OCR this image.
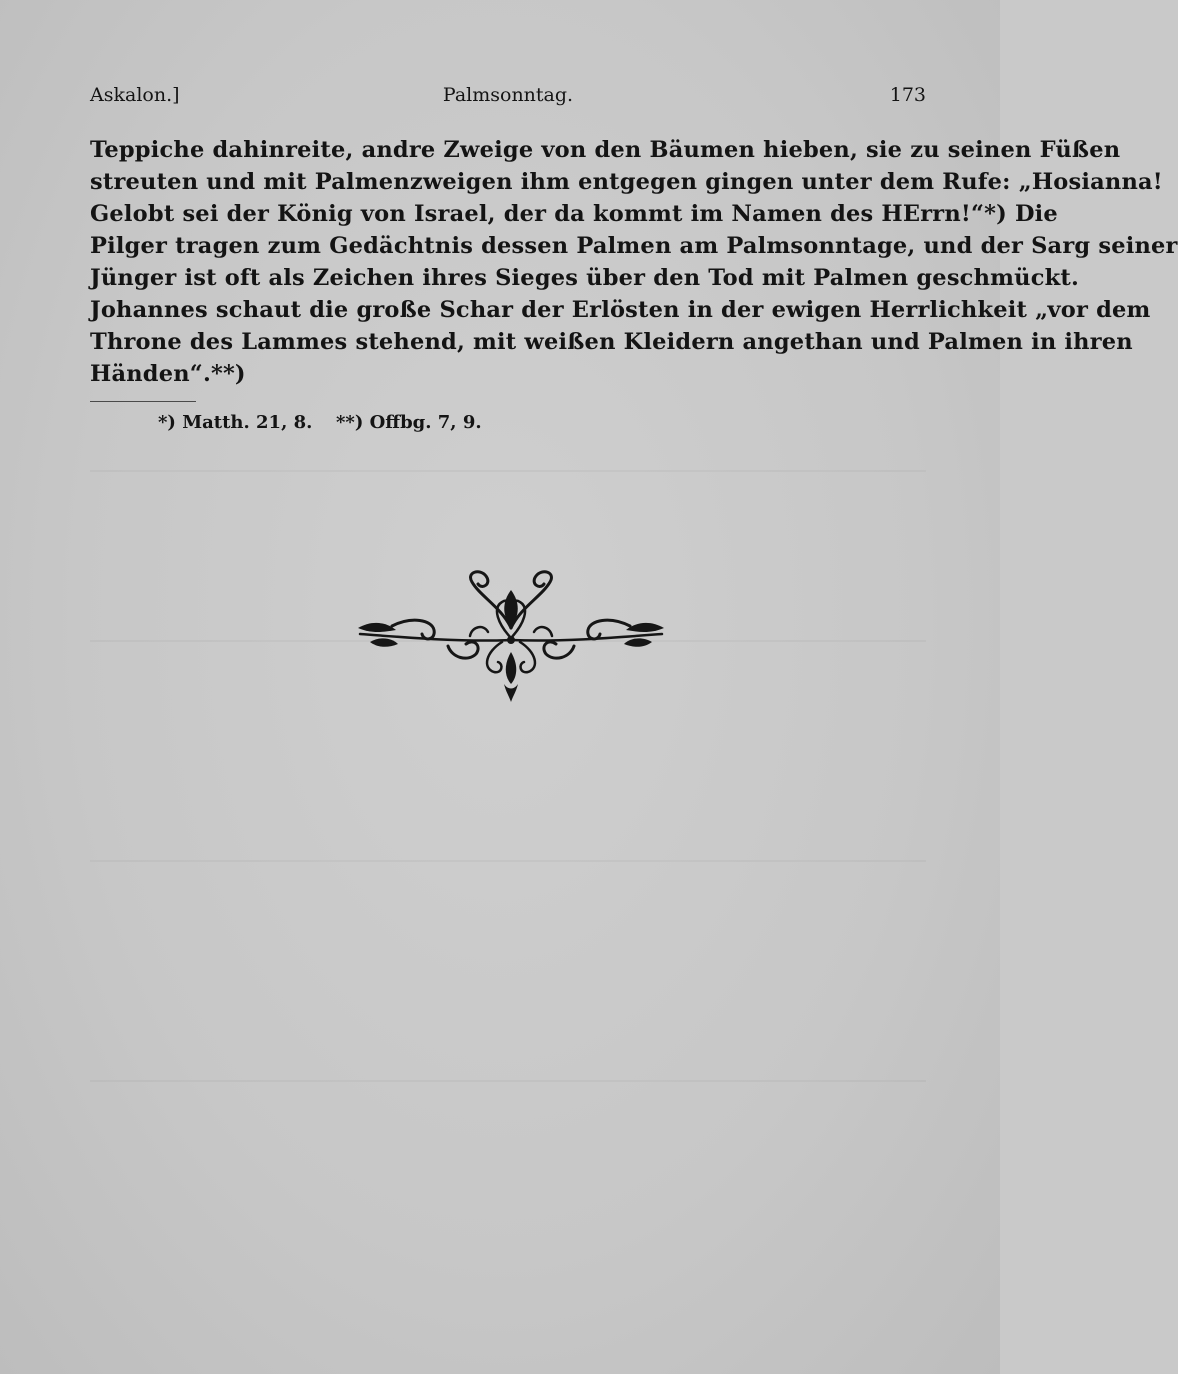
Askalon.]	Palmsonntag.	173
Teppiche dahinreite, andre Zweige von den Bäumen hieben, sie zu seinen Füßen
streuten und mit Palmenzweigen ihm entgegen gingen unter dem Rufe: „Hosianna!
Gelobt sei der König von Israel, der da kommt im Namen des HErrn!“*) Die
Pilger tragen zum Gedächtnis dessen Palmen am Palmsonntage, und der Sarg seiner
Jünger ist oft als Zeichen ihres Sieges über den Tod mit Palmen geschmückt.
Johannes schaut die große Schar der Erlösten in der ewigen Herrlichkeit „vor dem
Throne des Lammes stehend, mit weißen Kleidern angethan und Palmen in ihren
Händen“.**)
*) Matth. 21, 8. **) Offbg. 7, 9.
